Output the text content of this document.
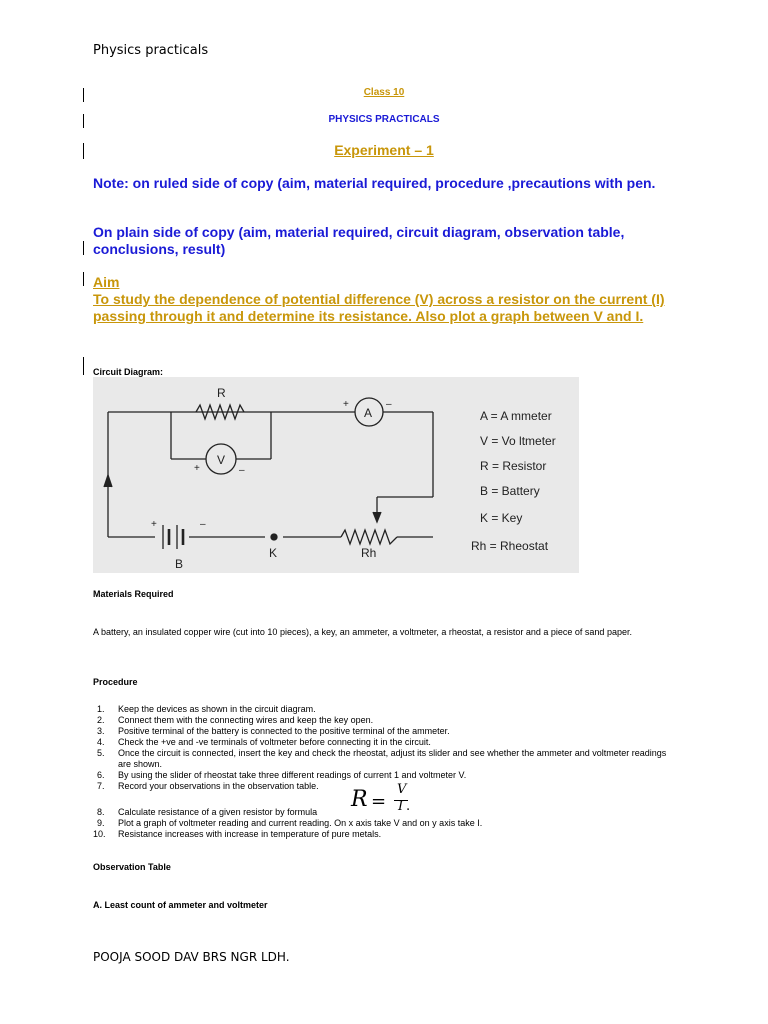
Physics practicals
Class 10
PHYSICS PRACTICALS
Experiment – 1
Note: on ruled side of copy (aim, material required, procedure ,precautions with pen.
On plain side of copy (aim, material required, circuit diagram, observation table, conclusions, result)
Aim
To study the dependence of potential difference (V) across a resistor on the current (I) passing through it and determine its resistance. Also plot a graph between V and I.
Circuit Diagram:
R
A
V
B
K	Rh
+	–
+	–
+	–
A = A mmeter
V = Vo ltmeter
R = Resistor
B = Battery
K = Key
Rh = Rheostat
Materials Required
A battery, an insulated copper wire (cut into 10 pieces), a key, an ammeter, a voltmeter, a rheostat, a resistor and a piece of sand paper.
Procedure
1. Keep the devices as shown in the circuit diagram.
2. Connect them with the connecting wires and keep the key open.
3. Positive terminal of the battery is connected to the positive terminal of the ammeter.
4. Check the +ve and -ve terminals of voltmeter before connecting it in the circuit.
5. Once the circuit is connected, insert the key and check the rheostat, adjust its slider and see whether the ammeter and voltmeter readings are shown.
6. By using the slider of rheostat take three different readings of current 1 and voltmeter V.
7. Record your observations in the observation table.
8. Calculate resistance of a given resistor by formula R =
V
I .
9. Plot a graph of voltmeter reading and current reading. On x axis take V and on y axis take I.
10. Resistance increases with increase in temperature of pure metals.
Observation Table
A. Least count of ammeter and voltmeter
POOJA SOOD DAV BRS NGR LDH.
